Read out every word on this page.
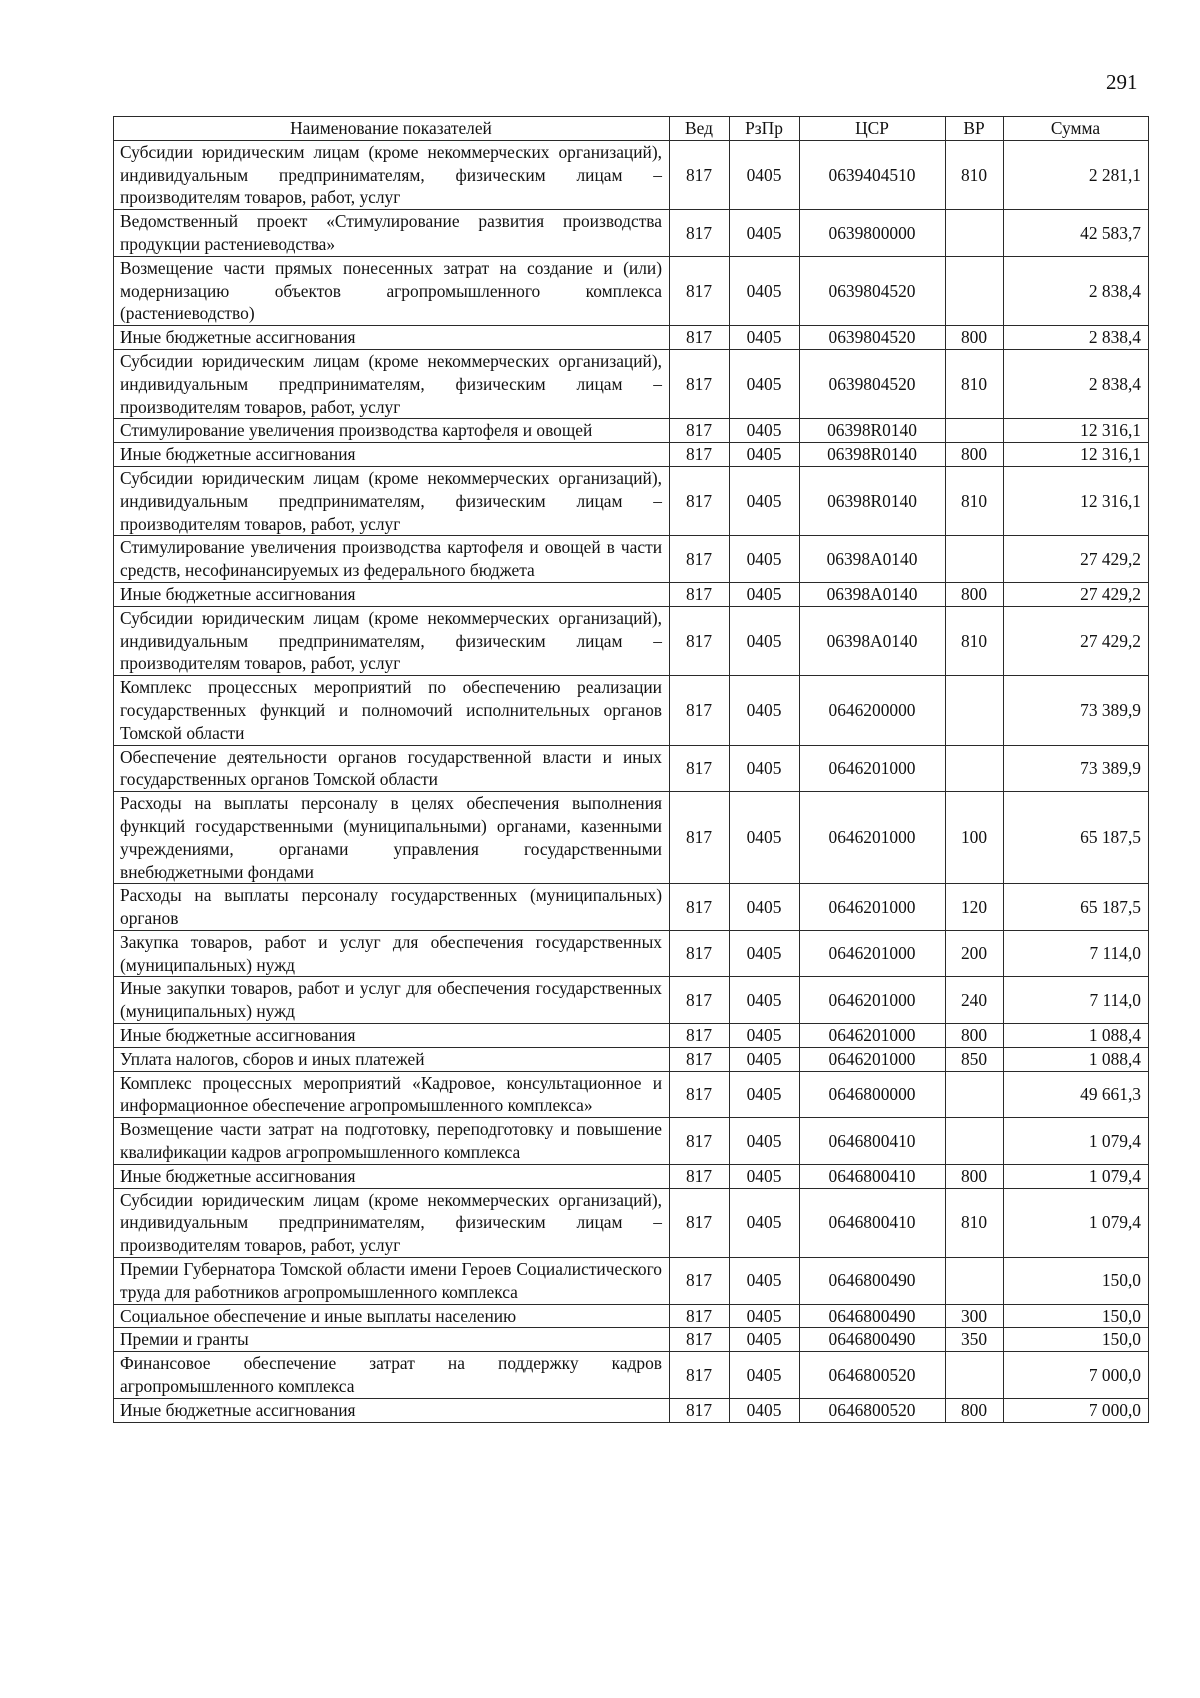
291
Наименование показателей	Вед	РзПр	ЦСР	ВР	Сумма
Субсидии юридическим лицам (кроме некоммерческих организаций), индивидуальным предпринимателям, физическим лицам – производителям товаров, работ, услуг	817	0405	0639404510	810	2 281,1
Ведомственный проект «Стимулирование развития производства продукции растениеводства»	817	0405	0639800000		42 583,7
Возмещение части прямых понесенных затрат на создание и (или) модернизацию объектов агропромышленного комплекса (растениеводство)	817	0405	0639804520		2 838,4
Иные бюджетные ассигнования	817	0405	0639804520	800	2 838,4
Субсидии юридическим лицам (кроме некоммерческих организаций), индивидуальным предпринимателям, физическим лицам – производителям товаров, работ, услуг	817	0405	0639804520	810	2 838,4
Стимулирование увеличения производства картофеля и овощей	817	0405	06398R0140		12 316,1
Иные бюджетные ассигнования	817	0405	06398R0140	800	12 316,1
Субсидии юридическим лицам (кроме некоммерческих организаций), индивидуальным предпринимателям, физическим лицам – производителям товаров, работ, услуг	817	0405	06398R0140	810	12 316,1
Стимулирование увеличения производства картофеля и овощей в части средств, несофинансируемых из федерального бюджета	817	0405	06398A0140		27 429,2
Иные бюджетные ассигнования	817	0405	06398A0140	800	27 429,2
Субсидии юридическим лицам (кроме некоммерческих организаций), индивидуальным предпринимателям, физическим лицам – производителям товаров, работ, услуг	817	0405	06398A0140	810	27 429,2
Комплекс процессных мероприятий по обеспечению реализации государственных функций и полномочий исполнительных органов Томской области	817	0405	0646200000		73 389,9
Обеспечение деятельности органов государственной власти и иных государственных органов Томской области	817	0405	0646201000		73 389,9
Расходы на выплаты персоналу в целях обеспечения выполнения функций государственными (муниципальными) органами, казенными учреждениями, органами управления государственными внебюджетными фондами	817	0405	0646201000	100	65 187,5
Расходы на выплаты персоналу государственных (муниципальных) органов	817	0405	0646201000	120	65 187,5
Закупка товаров, работ и услуг для обеспечения государственных (муниципальных) нужд	817	0405	0646201000	200	7 114,0
Иные закупки товаров, работ и услуг для обеспечения государственных (муниципальных) нужд	817	0405	0646201000	240	7 114,0
Иные бюджетные ассигнования	817	0405	0646201000	800	1 088,4
Уплата налогов, сборов и иных платежей	817	0405	0646201000	850	1 088,4
Комплекс процессных мероприятий «Кадровое, консультационное и информационное обеспечение агропромышленного комплекса»	817	0405	0646800000		49 661,3
Возмещение части затрат на подготовку, переподготовку и повышение квалификации кадров агропромышленного комплекса	817	0405	0646800410		1 079,4
Иные бюджетные ассигнования	817	0405	0646800410	800	1 079,4
Субсидии юридическим лицам (кроме некоммерческих организаций), индивидуальным предпринимателям, физическим лицам – производителям товаров, работ, услуг	817	0405	0646800410	810	1 079,4
Премии Губернатора Томской области имени Героев Социалистического труда для работников агропромышленного комплекса	817	0405	0646800490		150,0
Социальное обеспечение и иные выплаты населению	817	0405	0646800490	300	150,0
Премии и гранты	817	0405	0646800490	350	150,0
Финансовое обеспечение затрат на поддержку кадров агропромышленного комплекса	817	0405	0646800520		7 000,0
Иные бюджетные ассигнования	817	0405	0646800520	800	7 000,0
